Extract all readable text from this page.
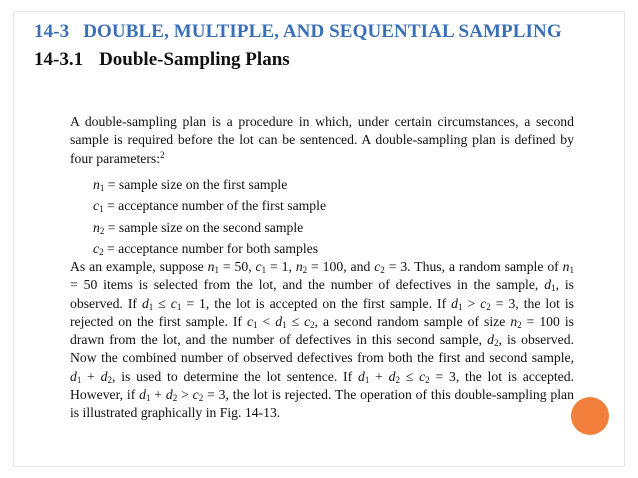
14-3 DOUBLE, MULTIPLE, AND SEQUENTIAL SAMPLING
14-3.1 Double-Sampling Plans
A double-sampling plan is a procedure in which, under certain circumstances, a second sample is required before the lot can be sentenced. A double-sampling plan is defined by four parameters:$^2$
$n_1$ = sample size on the first sample
$c_1$ = acceptance number of the first sample
$n_2$ = sample size on the second sample
$c_2$ = acceptance number for both samples
As an example, suppose $n_1 = 50$, $c_1 = 1$, $n_2 = 100$, and $c_2 = 3$. Thus, a random sample of $n_1 = 50$ items is selected from the lot, and the number of defectives in the sample, $d_1$, is observed. If $d_1 \le c_1 = 1$, the lot is accepted on the first sample. If $d_1 > c_2 = 3$, the lot is rejected on the first sample. If $c_1 < d_1 \le c_2$, a second random sample of size $n_2 = 100$ is drawn from the lot, and the number of defectives in this second sample, $d_2$, is observed. Now the combined number of observed defectives from both the first and second sample, $d_1 + d_2$, is used to determine the lot sentence. If $d_1 + d_2 \le c_2 = 3$, the lot is accepted. However, if $d_1 + d_2 > c_2 = 3$, the lot is rejected. The operation of this double-sampling plan is illustrated graphically in Fig. 14-13.
